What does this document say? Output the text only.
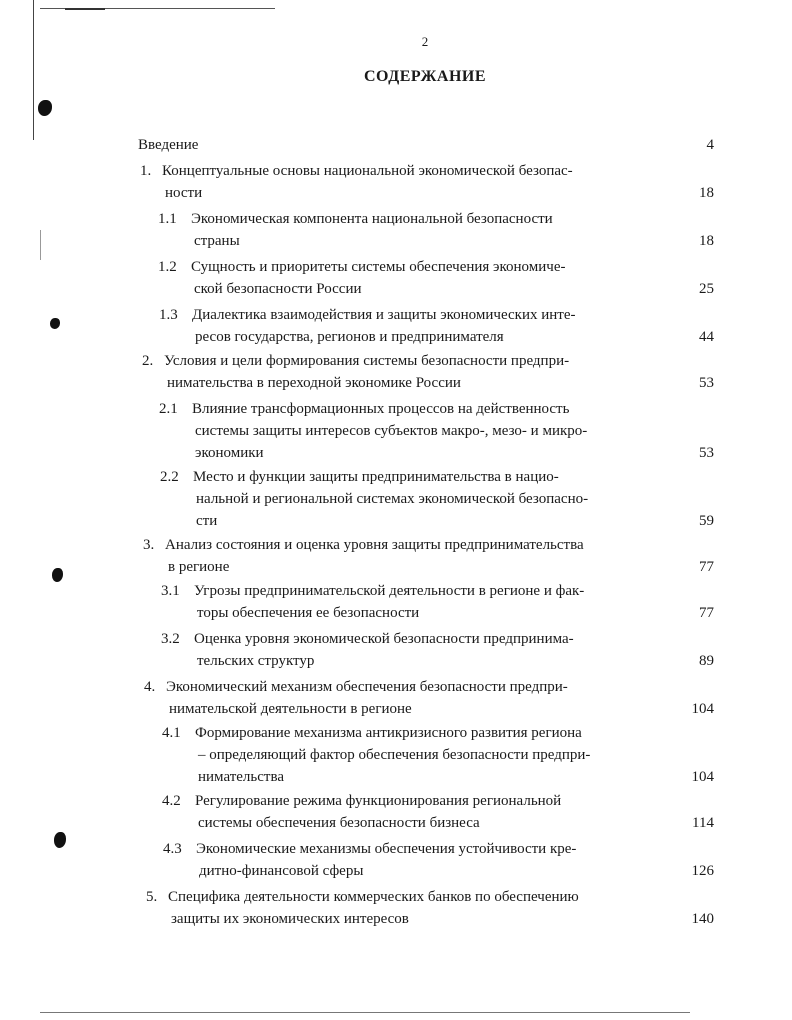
2
СОДЕРЖАНИЕ
Введение	4
1. Концептуальные основы национальной экономической безопас-
ности	18
1.1 Экономическая компонента национальной безопасности
страны	18
1.2 Сущность и приоритеты системы обеспечения экономиче-
ской безопасности России	25
1.3 Диалектика взаимодействия и защиты экономических инте-
ресов государства, регионов и предпринимателя	44
2. Условия и цели формирования системы безопасности предпри-
нимательства в переходной экономике России	53
2.1 Влияние трансформационных процессов на действенность
системы защиты интересов субъектов макро-, мезо- и микро-
экономики	53
2.2 Место и функции защиты предпринимательства в нацио-
нальной и региональной системах экономической безопасно-
сти	59
3. Анализ состояния и оценка уровня защиты предпринимательства
в регионе	77
3.1 Угрозы предпринимательской деятельности в регионе и фак-
торы обеспечения ее безопасности	77
3.2 Оценка уровня экономической безопасности предпринима-
тельских структур	89
4. Экономический механизм обеспечения безопасности предпри-
нимательской деятельности в регионе	104
4.1 Формирование механизма антикризисного развития региона
– определяющий фактор обеспечения безопасности предпри-
нимательства	104
4.2 Регулирование режима функционирования региональной
системы обеспечения безопасности бизнеса	114
4.3 Экономические механизмы обеспечения устойчивости кре-
дитно-финансовой сферы	126
5. Специфика деятельности коммерческих банков по обеспечению
защиты их экономических интересов	140
